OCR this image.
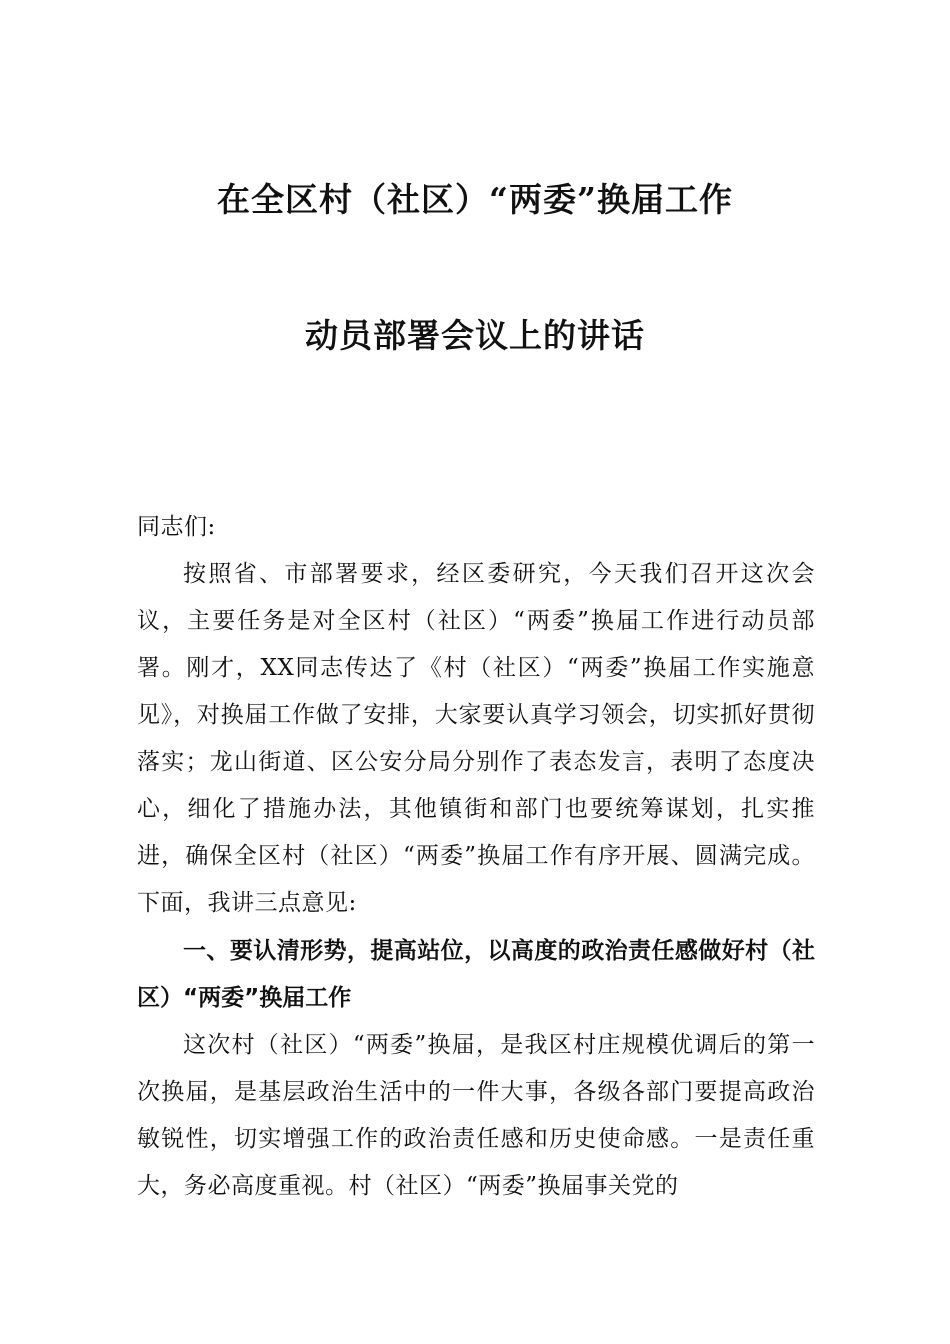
在全区村（社区）“两委”换届工作
动员部署会议上的讲话
同志们:

按照省、市部署要求，经区委研究，今天我们召开这次会议，主要任务是对全区村（社区）“两委”换届工作进行动员部署。刚才，XX同志传达了《村（社区）“两委”换届工作实施意见》，对换届工作做了安排，大家要认真学习领会，切实抓好贯彻落实；龙山街道、区公安分局分别作了表态发言，表明了态度决心，细化了措施办法，其他镇街和部门也要统筹谋划，扎实推进，确保全区村（社区）“两委”换届工作有序开展、圆满完成。下面，我讲三点意见:

一、要认清形势，提高站位，以高度的政治责任感做好村（社区）“两委”换届工作

这次村（社区）“两委”换届，是我区村庄规模优调后的第一次换届，是基层政治生活中的一件大事，各级各部门要提高政治敏锐性，切实增强工作的政治责任感和历史使命感。一是责任重大，务必高度重视。村（社区）“两委”换届事关党的
